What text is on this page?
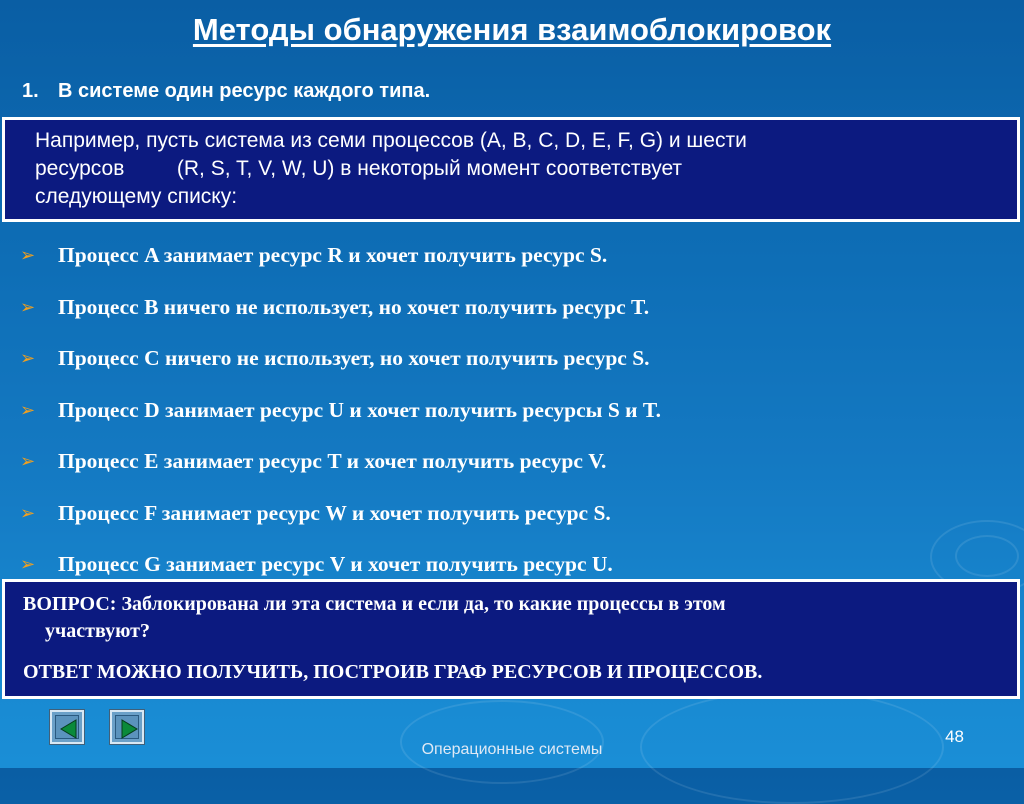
Методы обнаружения взаимоблокировок
1. В системе один ресурс каждого типа.
Например, пусть система из семи процессов (A, B, C, D, E, F, G) и шести
ресурсов         (R, S, T, V, W, U) в некоторый момент соответствует
следующему списку:
➢	Процесс A занимает ресурс R и хочет получить ресурс S.
➢	Процесс B ничего не использует, но хочет получить ресурс T.
➢	Процесс C ничего не использует, но хочет получить ресурс S.
➢	Процесс D занимает ресурс U и хочет получить ресурсы S и T.
➢	Процесс E занимает ресурс T и хочет получить ресурс V.
➢	Процесс F занимает ресурс W и хочет получить ресурс S.
➢	Процесс G занимает ресурс V и хочет получить ресурс U.
ВОПРОС: Заблокирована ли эта система и если да, то какие процессы в этом
участвуют?
ОТВЕТ МОЖНО ПОЛУЧИТЬ, ПОСТРОИВ ГРАФ РЕСУРСОВ И ПРОЦЕССОВ.
48
Операционные системы
